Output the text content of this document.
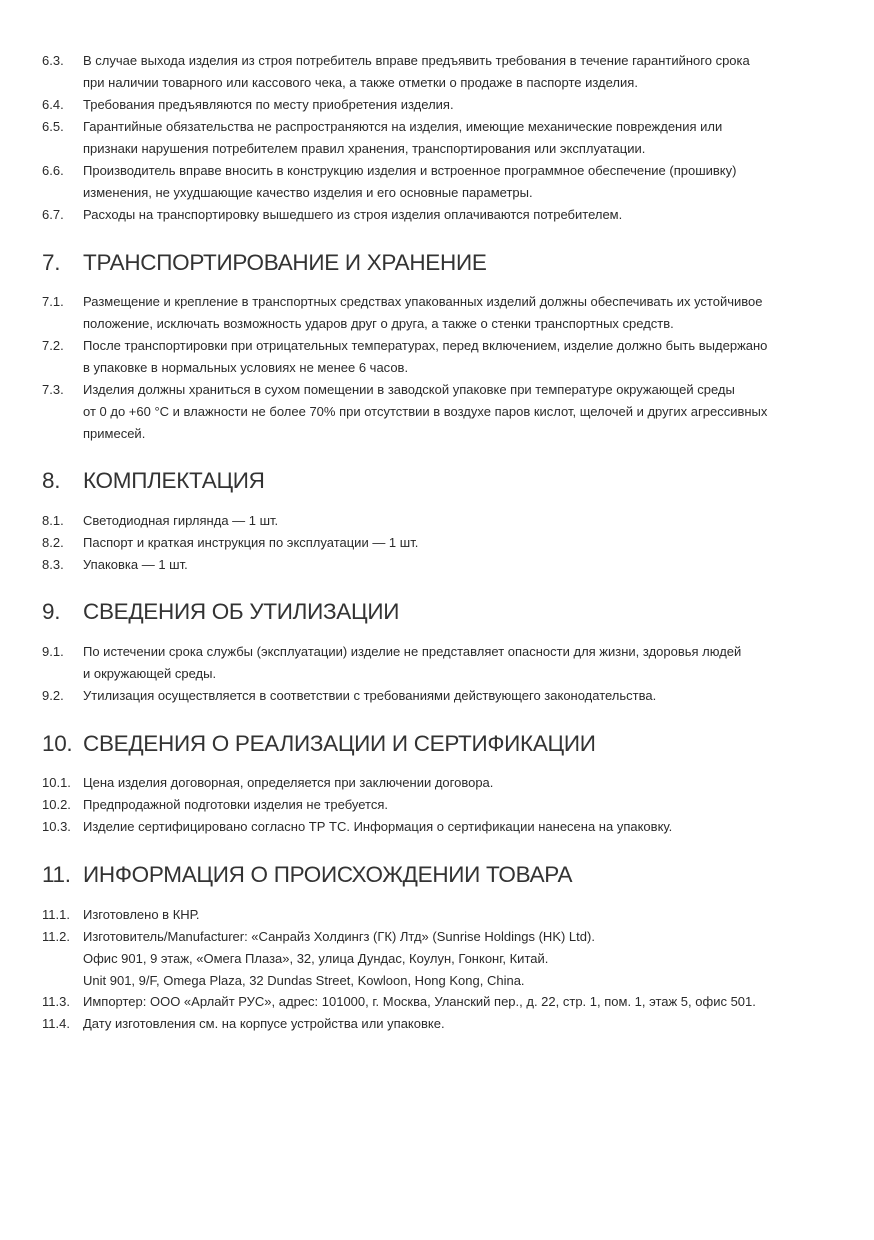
6.3.	В случае выхода изделия из строя потребитель вправе предъявить требования в течение гарантийного срока
при наличии товарного или кассового чека, а также отметки о продаже в паспорте изделия.
6.4.	Требования предъявляются по месту приобретения изделия.
6.5.	Гарантийные обязательства не распространяются на изделия, имеющие механические повреждения или
признаки нарушения потребителем правил хранения, транспортирования или эксплуатации.
6.6.	Производитель вправе вносить в конструкцию изделия и встроенное программное обеспечение (прошивку)
изменения, не ухудшающие качество изделия и его основные параметры.
6.7.	Расходы на транспортировку вышедшего из строя изделия оплачиваются потребителем.
7. ТРАНСПОРТИРОВАНИЕ И ХРАНЕНИЕ
7.1.	Размещение и крепление в транспортных средствах упакованных изделий должны обеспечивать их устойчивое
положение, исключать возможность ударов друг о друга, а также о стенки транспортных средств.
7.2.	После транспортировки при отрицательных температурах, перед включением, изделие должно быть выдержано
в упаковке в нормальных условиях не менее 6 часов.
7.3.	Изделия должны храниться в сухом помещении в заводской упаковке при температуре окружающей среды
от 0 до +60 °С и влажности не более 70% при отсутствии в воздухе паров кислот, щелочей и других агрессивных
примесей.
8. КОМПЛЕКТАЦИЯ
8.1.	Светодиодная гирлянда — 1 шт.
8.2.	Паспорт и краткая инструкция по эксплуатации — 1 шт.
8.3.	Упаковка — 1 шт.
9. СВЕДЕНИЯ ОБ УТИЛИЗАЦИИ
9.1.	По истечении срока службы (эксплуатации) изделие не представляет опасности для жизни, здоровья людей
и окружающей среды.
9.2.	Утилизация осуществляется в соответствии с требованиями действующего законодательства.
10. СВЕДЕНИЯ О РЕАЛИЗАЦИИ И СЕРТИФИКАЦИИ
10.1. Цена изделия договорная, определяется при заключении договора.
10.2. Предпродажной подготовки изделия не требуется.
10.3. Изделие сертифицировано согласно ТР ТС. Информация о сертификации нанесена на упаковку.
11. ИНФОРМАЦИЯ О ПРОИСХОЖДЕНИИ ТОВАРА
11.1.	Изготовлено в КНР.
11.2.	Изготовитель/Manufacturer: «Санрайз Холдингз (ГК) Лтд» (Sunrise Holdings (HK) Ltd).
Офис 901, 9 этаж, «Омега Плаза», 32, улица Дундас, Коулун, Гонконг, Китай.
Unit 901, 9/F, Omega Plaza, 32 Dundas Street, Kowloon, Hong Kong, China.
11.3.	Импортер: ООО «Арлайт РУС», адрес: 101000, г. Москва, Уланский пер., д. 22, стр. 1, пом. 1, этаж 5, офис 501.
11.4.	Дату изготовления см. на корпусе устройства или упаковке.
